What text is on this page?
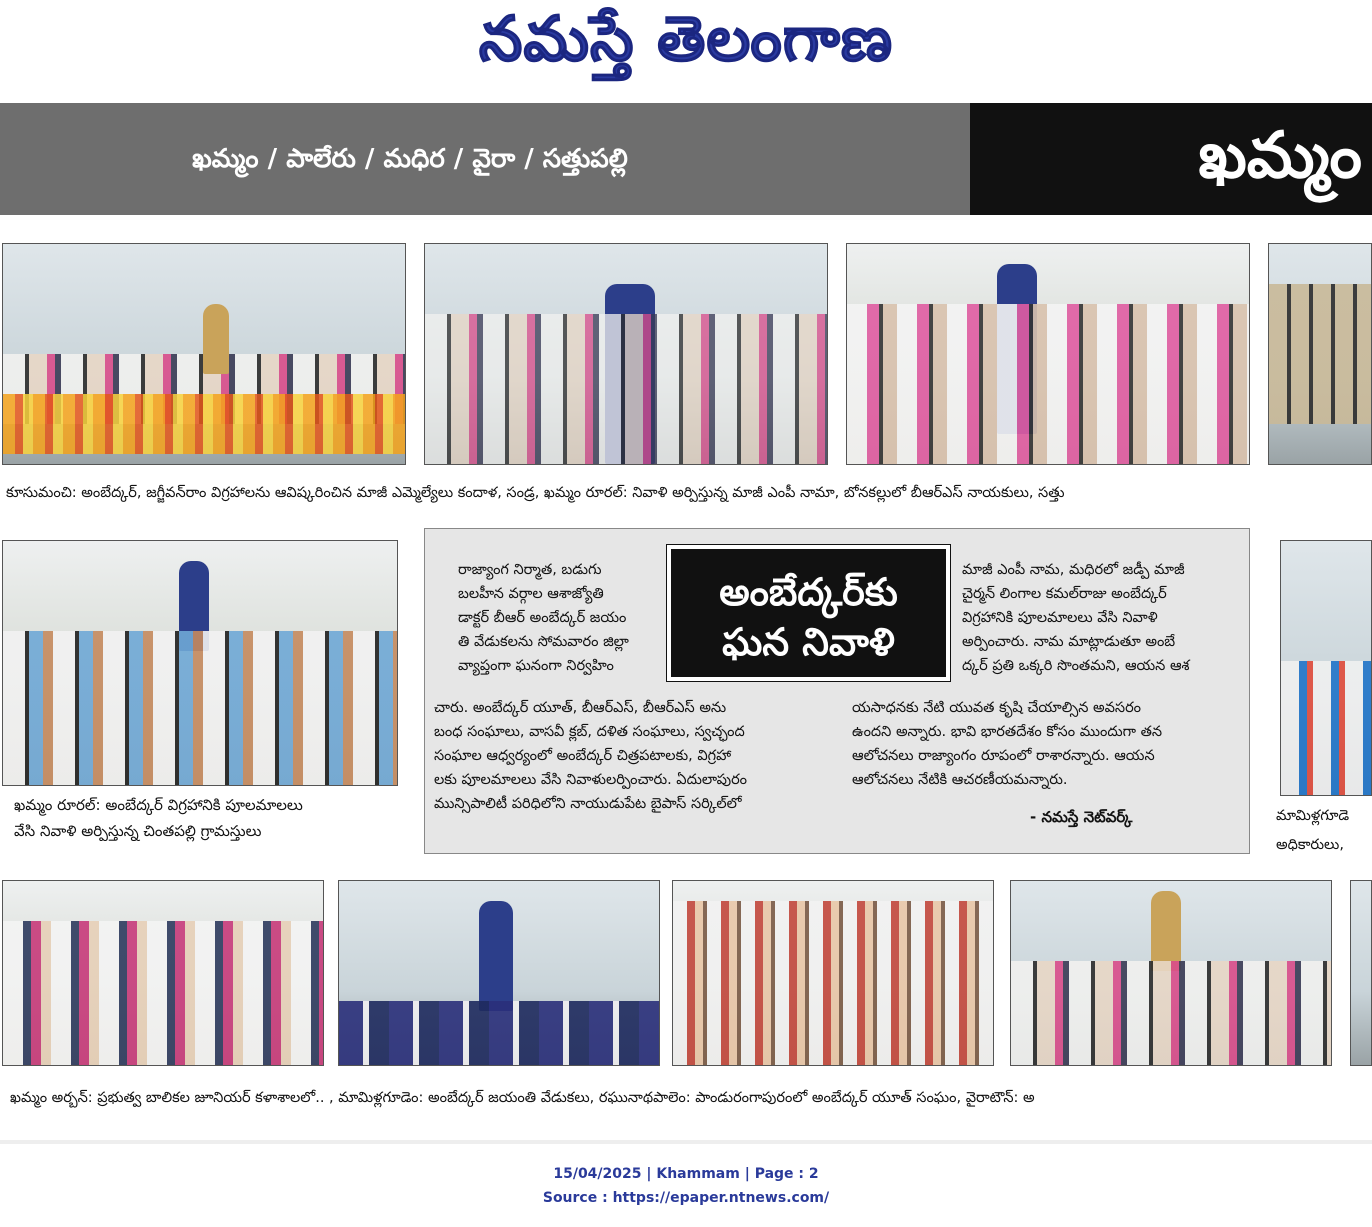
నమస్తే తెలంగాణ
ఖమ్మం / పాలేరు / మధిర / వైరా / సత్తుపల్లి	ఖమ్మం
కూసుమంచి: అంబేద్కర్, జగ్జీవన్‌రాం విగ్రహాలను ఆవిష్కరించిన మాజీ ఎమ్మెల్యేలు కందాళ, సండ్ర, ఖమ్మం రూరల్: నివాళి అర్పిస్తున్న మాజీ ఎంపీ నామా, బోనకల్లులో బీఆర్‌ఎస్ నాయకులు, సత్తు
ఖమ్మం రూరల్: అంబేద్కర్ విగ్రహానికి పూలమాలలు
వేసి నివాళి అర్పిస్తున్న చింతపల్లి గ్రామస్తులు
మామిళ్లగూడె
అధికారులు,
అంబేద్కర్‌కు
ఘన నివాళి

రాజ్యాంగ నిర్మాత, బడుగు

బలహీన వర్గాల ఆశాజ్యోతి

డాక్టర్ బీఆర్ అంబేద్కర్ జయం

తి వేడుకలను సోమవారం జిల్లా

వ్యాప్తంగా ఘనంగా నిర్వహిం

చారు. అంబేద్కర్ యూత్, బీఆర్ఎస్, బీఆర్ఎస్ అను

బంధ సంఘాలు, వాసవీ క్లబ్, దళిత సంఘాలు, స్వచ్ఛంద

సంఘాల ఆధ్వర్యంలో అంబేద్కర్ చిత్రపటాలకు, విగ్రహా

లకు పూలమాలలు వేసి నివాళులర్పించారు. ఏదులాపురం

మున్సిపాలిటీ పరిధిలోని నాయుడుపేట బైపాస్ సర్కిల్‌లో

మాజీ ఎంపీ నామ, మధిరలో జడ్పీ మాజీ

చైర్మన్ లింగాల కమల్‌రాజు అంబేద్కర్

విగ్రహానికి పూలమాలలు వేసి నివాళి

అర్పించారు. నామ మాట్లాడుతూ అంబే

ద్కర్ ప్రతి ఒక్కరి సొంతమని, ఆయన ఆశ

యసాధనకు నేటి యువత కృషి చేయాల్సిన అవసరం

ఉందని అన్నారు. భావి భారతదేశం కోసం ముందుగా తన

ఆలోచనలు రాజ్యాంగం రూపంలో రాశారన్నారు. ఆయన

ఆలోచనలు నేటికి ఆచరణీయమన్నారు.

- నమస్తే నెట్‌వర్క్
ఖమ్మం అర్బన్: ప్రభుత్వ బాలికల జూనియర్ కళాశాలలో.. , మామిళ్లగూడెం: అంబేద్కర్ జయంతి వేడుకలు, రఘునాథపాలెం: పాండురంగాపురంలో అంబేద్కర్ యూత్ సంఘం, వైరాటౌన్: అ
15/04/2025 | Khammam | Page : 2
Source : https://epaper.ntnews.com/
